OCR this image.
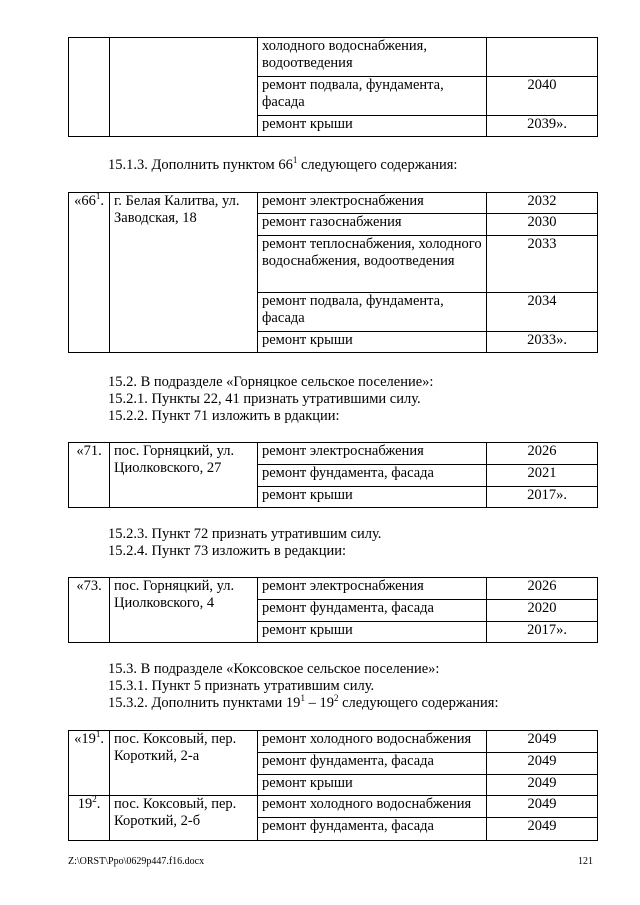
		холодного водоснабжения, водоотведения	
		ремонт подвала, фундамента, фасада	2040
		ремонт крыши	2039».
15.1.3. Дополнить пунктом $66^1$ следующего содержания:
«$66^1$.	г. Белая Калитва, ул. Заводская, 18	ремонт электроснабжения	2032
		ремонт газоснабжения	2030
		ремонт теплоснабжения, холодного водоснабжения, водоотведения	2033
		ремонт подвала, фундамента, фасада	2034
		ремонт крыши	2033».
15.2. В подразделе «Горняцкое сельское поселение»:
15.2.1. Пункты 22, 41 признать утратившими силу.
15.2.2. Пункт 71 изложить в рдакции:
«71.	пос. Горняцкий, ул. Циолковского, 27	ремонт электроснабжения	2026
		ремонт фундамента, фасада	2021
		ремонт крыши	2017».
15.2.3. Пункт 72 признать утратившим силу.
15.2.4. Пункт 73 изложить в редакции:
«73.	пос. Горняцкий, ул. Циолковского, 4	ремонт электроснабжения	2026
		ремонт фундамента, фасада	2020
		ремонт крыши	2017».
15.3. В подразделе «Коксовское сельское поселение»:
15.3.1. Пункт 5 признать утратившим силу.
15.3.2. Дополнить пунктами $19^1 - 19^2$ следующего содержания:
«$19^1$.	пос. Коксовый, пер. Короткий, 2-а	ремонт холодного водоснабжения	2049
		ремонт фундамента, фасада	2049
		ремонт крыши	2049
$19^2$.	пос. Коксовый, пер. Короткий, 2-б	ремонт холодного водоснабжения	2049
		ремонт фундамента, фасада	2049
Z:\ORST\Ppo\0629p447.f16.docx	121
